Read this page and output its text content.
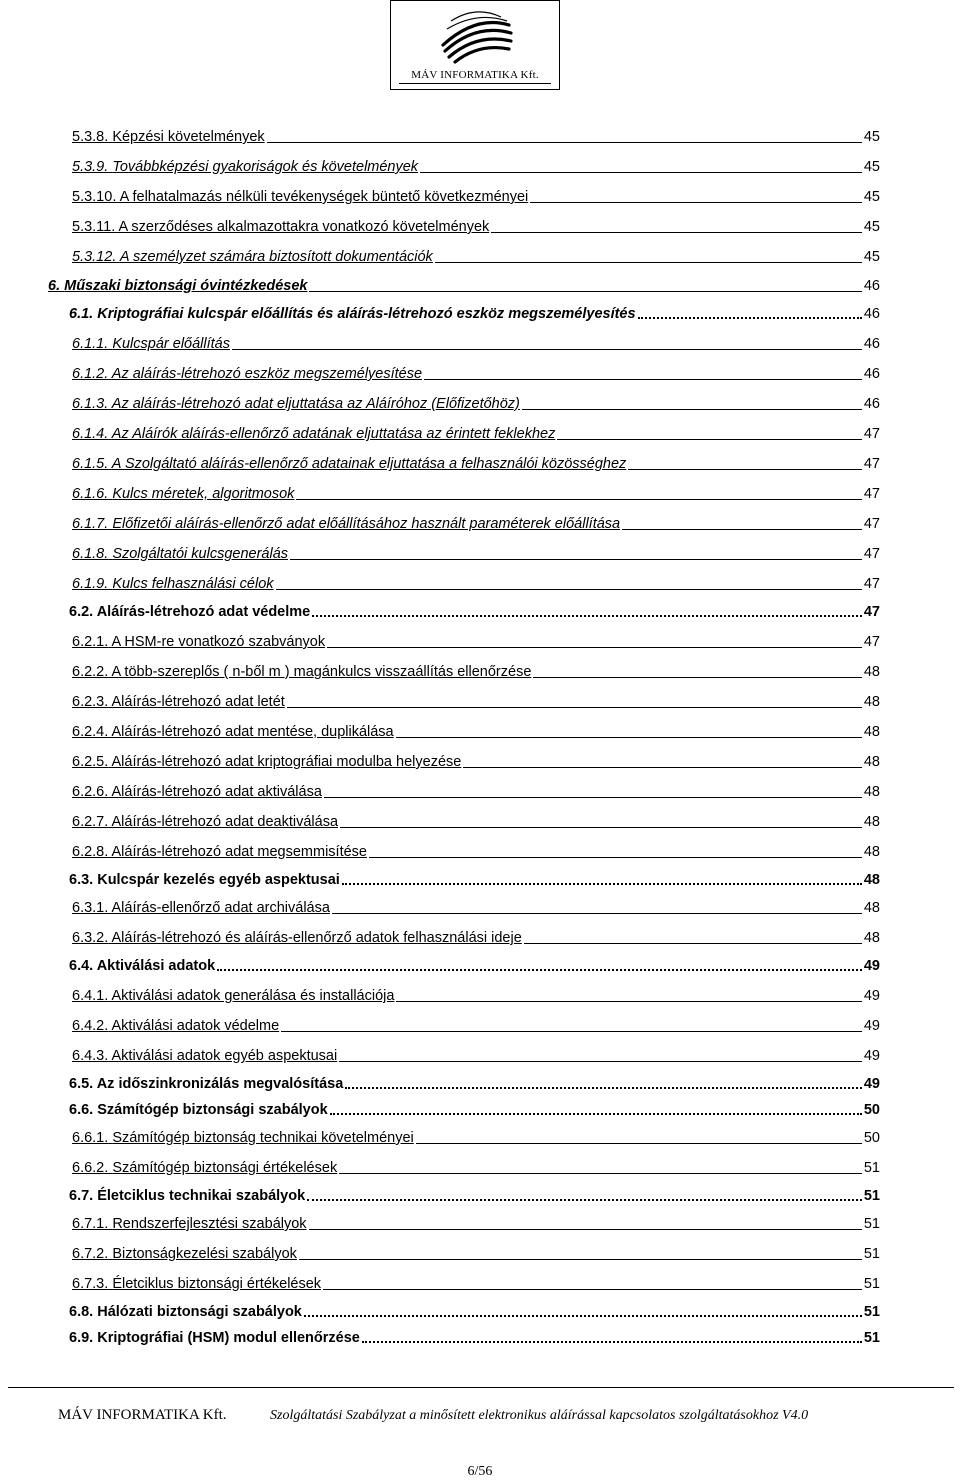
MÁV INFORMATIKA Kft.
5.3.8. Képzési követelmények	45
5.3.9. Továbbképzési gyakoriságok és követelmények	45
5.3.10. A felhatalmazás nélküli tevékenységek büntető következményei	45
5.3.11. A szerződéses alkalmazottakra vonatkozó követelmények	45
5.3.12. A személyzet számára biztosított dokumentációk	45
6. Műszaki biztonsági óvintézkedések	46
6.1. Kriptográfiai kulcspár előállítás és aláírás-létrehozó eszköz megszemélyesítés	46
6.1.1. Kulcspár előállítás	46
6.1.2. Az aláírás-létrehozó eszköz megszemélyesítése	46
6.1.3. Az aláírás-létrehozó adat eljuttatása az Aláíróhoz (Előfizetőhöz)	46
6.1.4. Az Aláírók aláírás-ellenőrző adatának eljuttatása az érintett feklekhez	47
6.1.5. A Szolgáltató aláírás-ellenőrző adatainak eljuttatása a felhasználói közösséghez	47
6.1.6. Kulcs méretek, algoritmosok	47
6.1.7. Előfizetői aláírás-ellenőrző adat előállításához használt paraméterek előállítása	47
6.1.8. Szolgáltatói kulcsgenerálás	47
6.1.9. Kulcs felhasználási célok	47
6.2. Aláírás-létrehozó adat védelme	47
6.2.1. A HSM-re vonatkozó szabványok	47
6.2.2. A több-szereplős ( n-ből m ) magánkulcs visszaállítás ellenőrzése	48
6.2.3. Aláírás-létrehozó adat letét	48
6.2.4. Aláírás-létrehozó adat mentése, duplikálása	48
6.2.5. Aláírás-létrehozó adat kriptográfiai modulba helyezése	48
6.2.6. Aláírás-létrehozó adat aktiválása	48
6.2.7. Aláírás-létrehozó adat deaktiválása	48
6.2.8. Aláírás-létrehozó adat megsemmisítése	48
6.3. Kulcspár kezelés egyéb aspektusai	48
6.3.1. Aláírás-ellenőrző adat archiválása	48
6.3.2. Aláírás-létrehozó és aláírás-ellenőrző adatok felhasználási ideje	48
6.4. Aktiválási adatok	49
6.4.1. Aktiválási adatok generálása és installációja	49
6.4.2. Aktiválási adatok védelme	49
6.4.3. Aktiválási adatok egyéb aspektusai	49
6.5. Az időszinkronizálás megvalósítása	49
6.6. Számítógép biztonsági szabályok	50
6.6.1. Számítógép biztonság technikai követelményei	50
6.6.2. Számítógép biztonsági értékelések	51
6.7. Életciklus technikai szabályok	51
6.7.1. Rendszerfejlesztési szabályok	51
6.7.2. Biztonságkezelési szabályok	51
6.7.3. Életciklus biztonsági értékelések	51
6.8. Hálózati biztonsági szabályok	51
6.9. Kriptográfiai (HSM) modul ellenőrzése	51
MÁV INFORMATIKA Kft.	Szolgáltatási Szabályzat a minősített elektronikus aláírással kapcsolatos szolgáltatásokhoz V4.0
6/56
